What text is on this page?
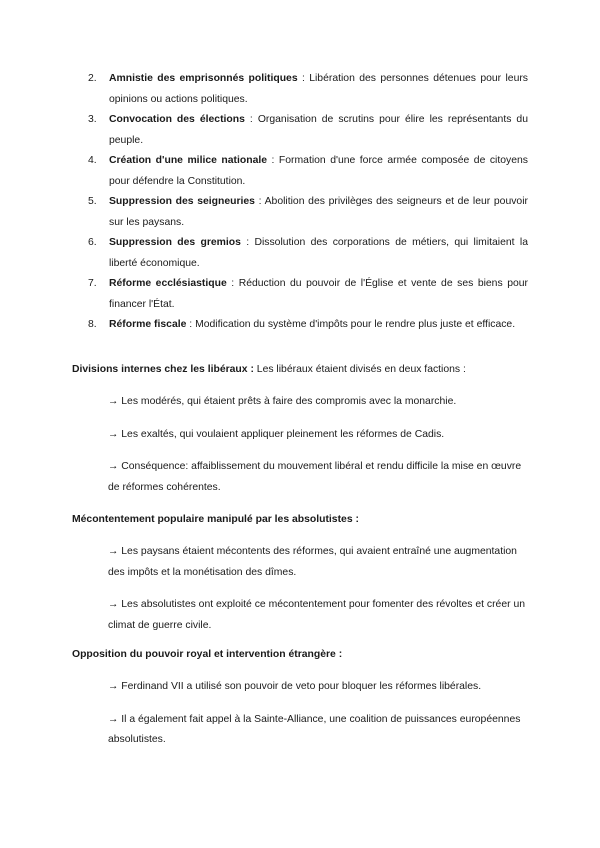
2. Amnistie des emprisonnés politiques : Libération des personnes détenues pour leurs opinions ou actions politiques.
3. Convocation des élections : Organisation de scrutins pour élire les représentants du peuple.
4. Création d'une milice nationale : Formation d'une force armée composée de citoyens pour défendre la Constitution.
5. Suppression des seigneuries : Abolition des privilèges des seigneurs et de leur pouvoir sur les paysans.
6. Suppression des gremios : Dissolution des corporations de métiers, qui limitaient la liberté économique.
7. Réforme ecclésiastique : Réduction du pouvoir de l'Église et vente de ses biens pour financer l'État.
8. Réforme fiscale : Modification du système d'impôts pour le rendre plus juste et efficace.
Divisions internes chez les libéraux : Les libéraux étaient divisés en deux factions :
→ Les modérés, qui étaient prêts à faire des compromis avec la monarchie.
→ Les exaltés, qui voulaient appliquer pleinement les réformes de Cadis.
→ Conséquence: affaiblissement du mouvement libéral et rendu difficile la mise en œuvre de réformes cohérentes.
Mécontentement populaire manipulé par les absolutistes :
→ Les paysans étaient mécontents des réformes, qui avaient entraîné une augmentation des impôts et la monétisation des dîmes.
→ Les absolutistes ont exploité ce mécontentement pour fomenter des révoltes et créer un climat de guerre civile.
Opposition du pouvoir royal et intervention étrangère :
→ Ferdinand VII a utilisé son pouvoir de veto pour bloquer les réformes libérales.
→ Il a également fait appel à la Sainte-Alliance, une coalition de puissances européennes absolutistes.
